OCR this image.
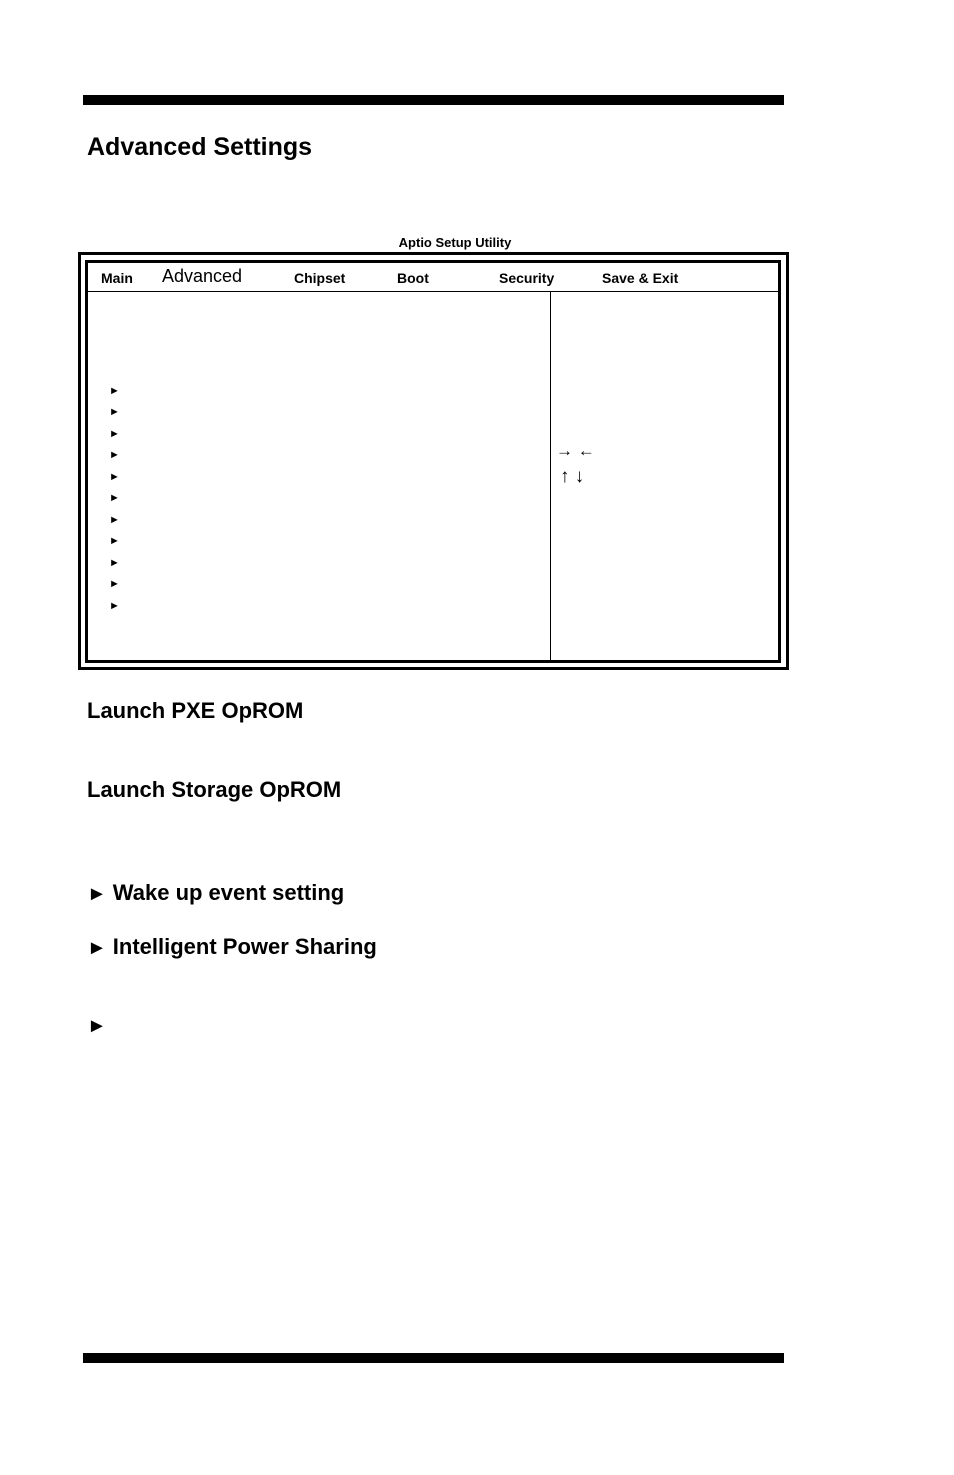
Advanced Settings
Aptio Setup Utility
Main Advanced	Chipset	Boot	Security	Save & Exit
►
►
►
►
►
►
►
►
►
►
►
→ ←
↑ ↓
Launch PXE OpROM
Launch Storage OpROM
► Wake up event setting
► Intelligent Power Sharing
►
